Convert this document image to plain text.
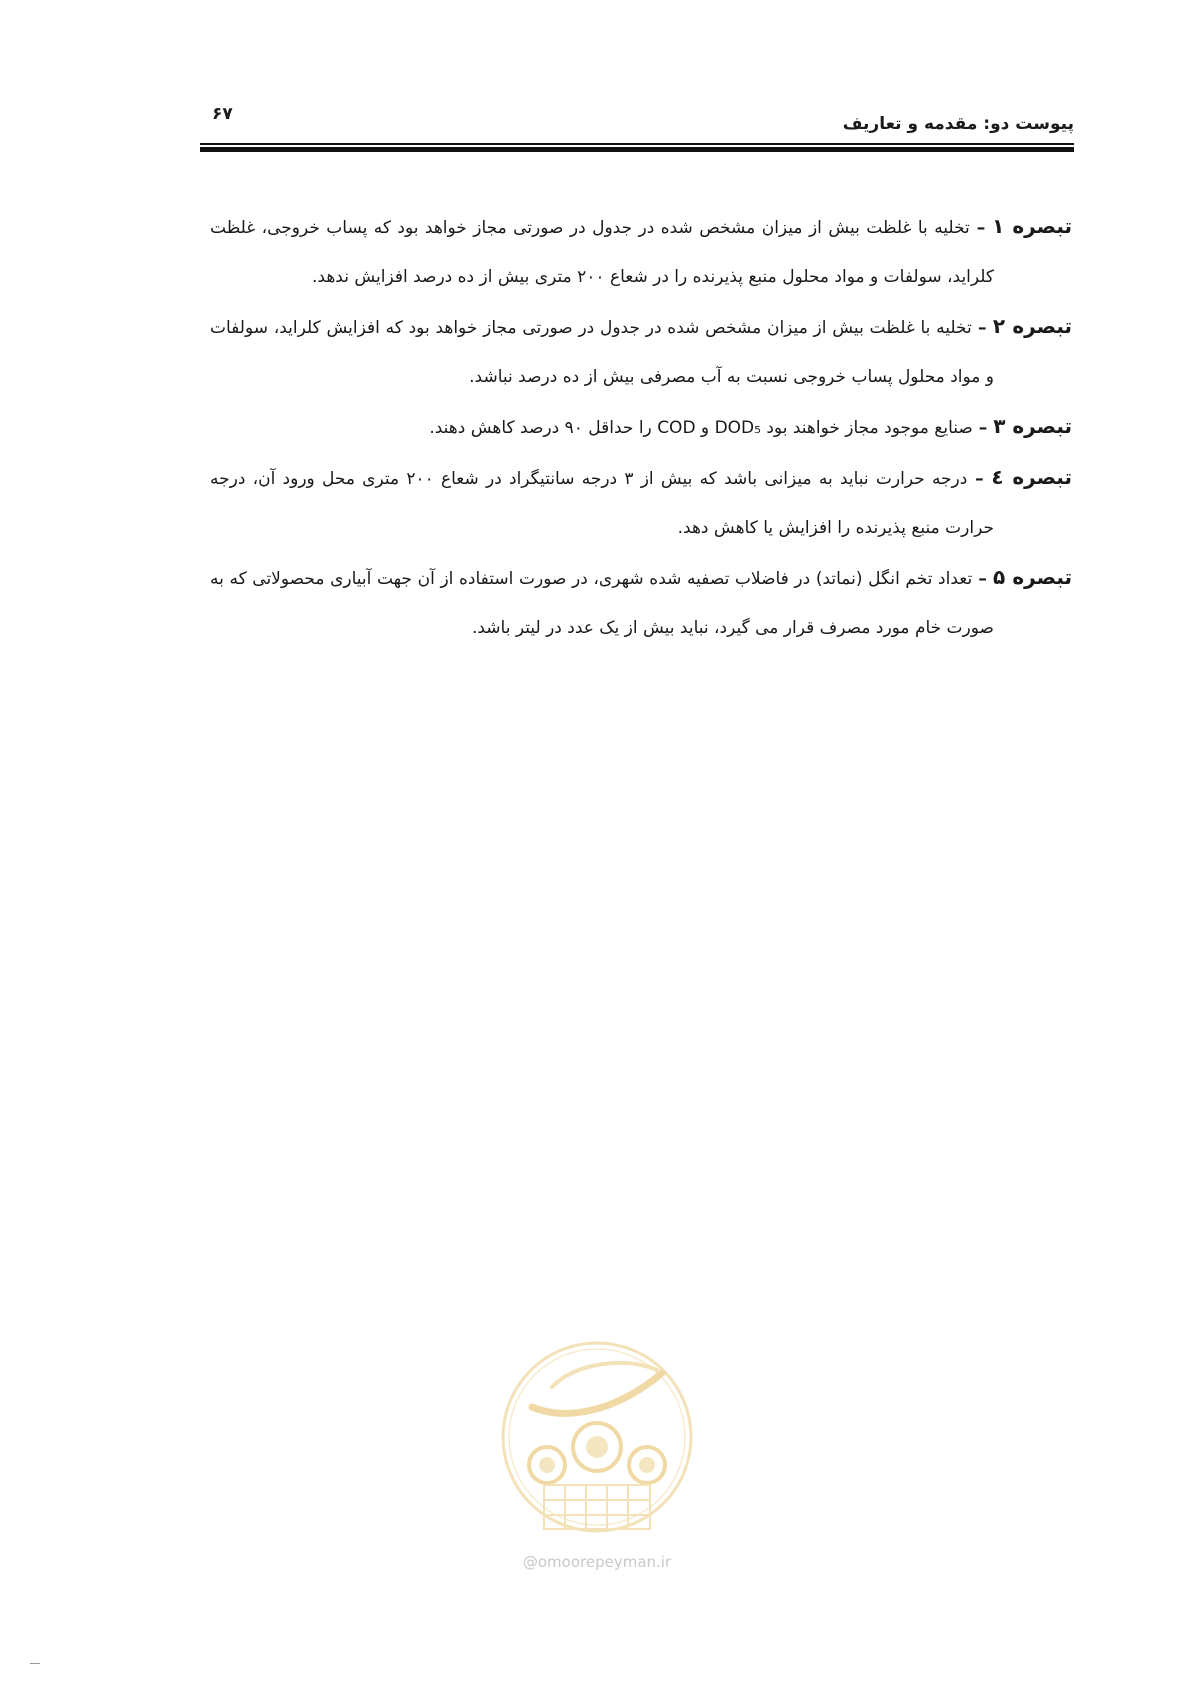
پیوست دو: مقدمه و تعاریف
۶۷

تبصره ۱ – تخلیه با غلظت بیش از میزان مشخص شده در جدول در صورتی مجاز خواهد بود که پساب خروجی، غلظت کلراید، سولفات و مواد محلول منبع پذیرنده را در شعاع ۲۰۰ متری بیش از ده درصد افزایش ندهد.

تبصره ۲ – تخلیه با غلظت بیش از میزان مشخص شده در جدول در صورتی مجاز خواهد بود که افزایش کلراید، سولفات و مواد محلول پساب خروجی نسبت به آب مصرفی بیش از ده درصد نباشد.

تبصره ۳ – صنایع موجود مجاز خواهند بود DOD₅ و COD را حداقل ۹۰ درصد کاهش دهند.

تبصره ٤ – درجه حرارت نباید به میزانی باشد که بیش از ۳ درجه سانتیگراد در شعاع ۲۰۰ متری محل ورود آن، درجه حرارت منبع پذیرنده را افزایش یا کاهش دهد.

تبصره ۵ – تعداد تخم انگل (نماتد) در فاضلاب تصفیه شده شهری، در صورت استفاده از آن جهت آبیاری محصولاتی که به صورت خام مورد مصرف قرار می گیرد، نباید بیش از یک عدد در لیتر باشد.

@omoorepeyman.ir
